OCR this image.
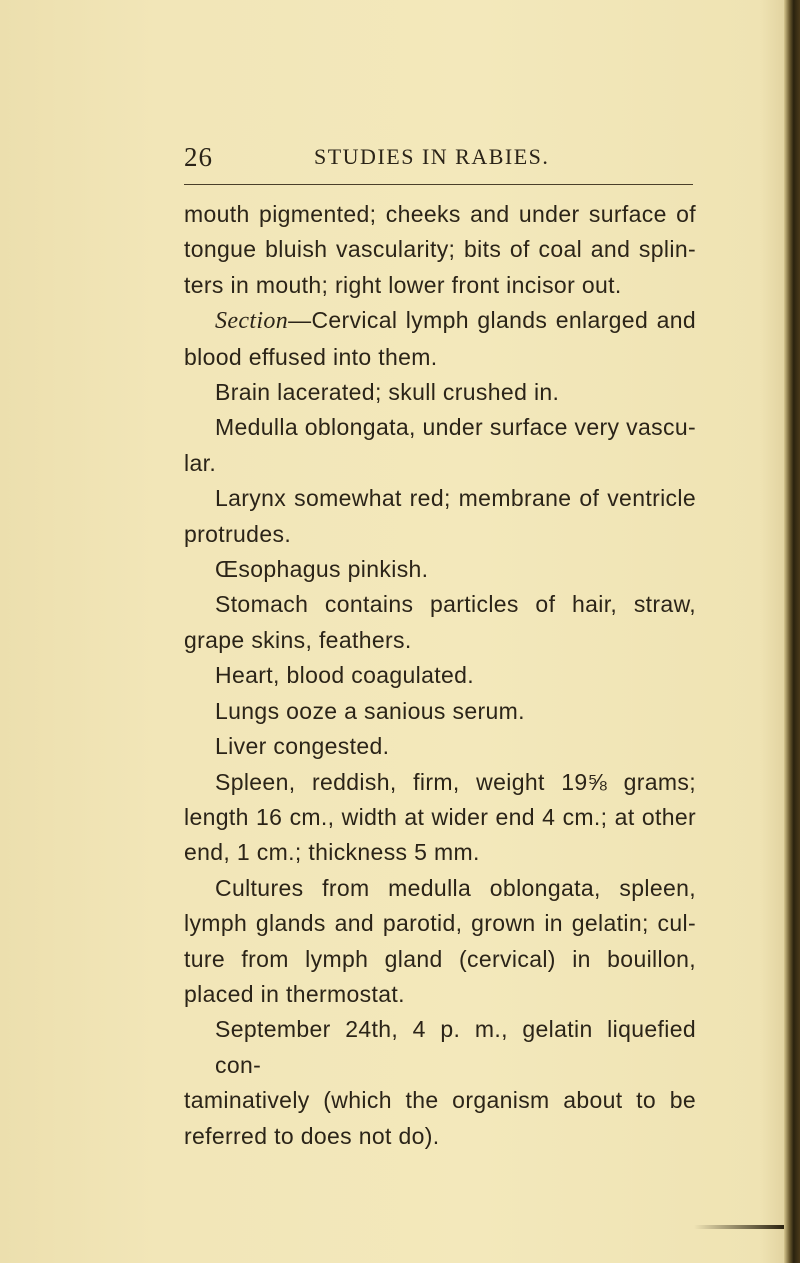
26	STUDIES IN RABIES.
mouth pigmented; cheeks and under surface of
tongue bluish vascularity; bits of coal and splin-
ters in mouth; right lower front incisor out.
Section—Cervical lymph glands enlarged and
blood effused into them.
Brain lacerated; skull crushed in.
Medulla oblongata, under surface very vascu-
lar.
Larynx somewhat red; membrane of ventricle
protrudes.
Œsophagus pinkish.
Stomach contains particles of hair, straw,
grape skins, feathers.
Heart, blood coagulated.
Lungs ooze a sanious serum.
Liver congested.
Spleen, reddish, firm, weight 19⅝ grams;
length 16 cm., width at wider end 4 cm.; at other
end, 1 cm.; thickness 5 mm.
Cultures from medulla oblongata, spleen,
lymph glands and parotid, grown in gelatin; cul-
ture from lymph gland (cervical) in bouillon,
placed in thermostat.
September 24th, 4 p. m., gelatin liquefied con-
taminatively (which the organism about to be
referred to does not do).
